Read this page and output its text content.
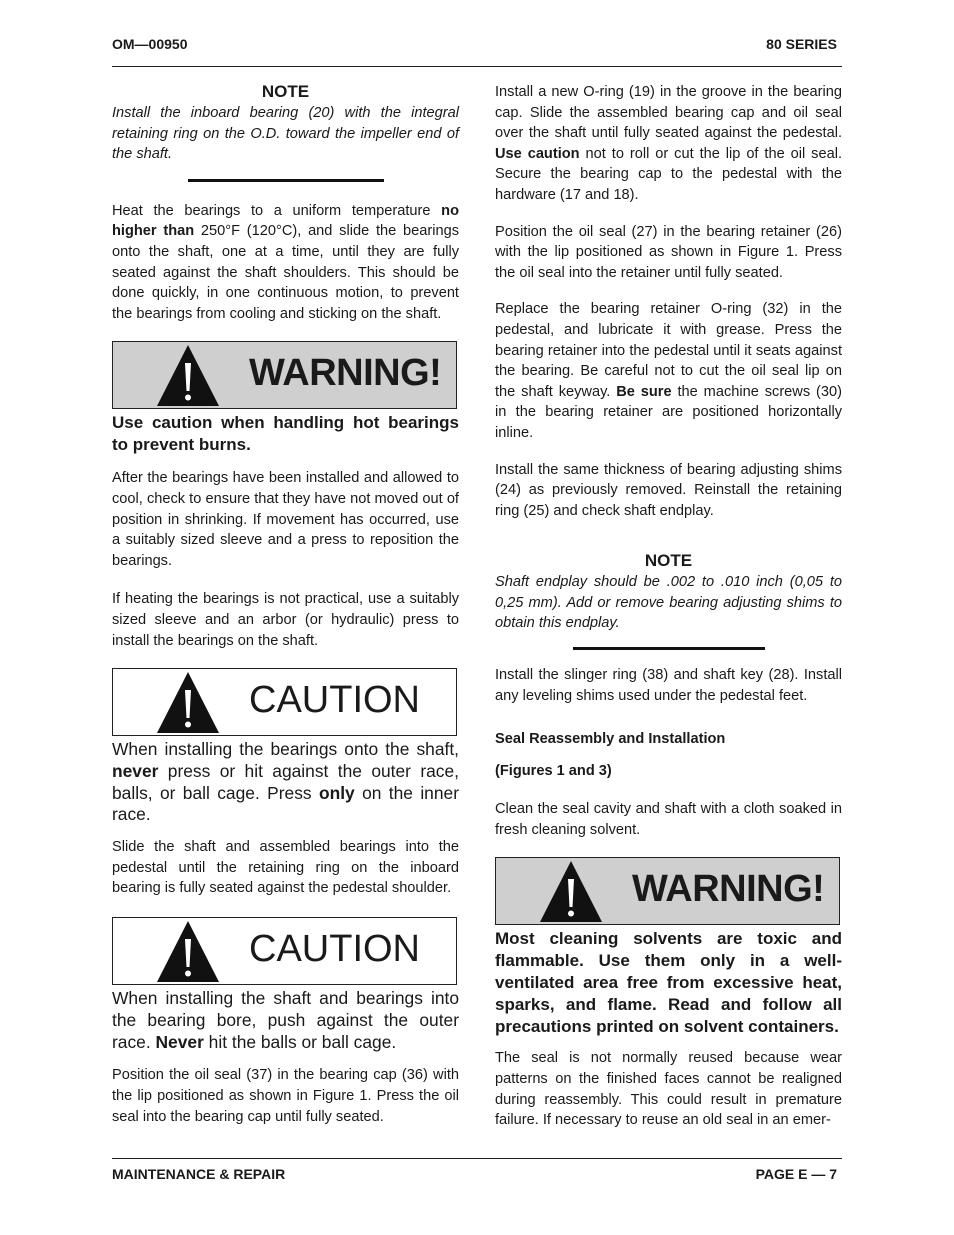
OM—00950	80 SERIES
NOTE

Install the inboard bearing (20) with the integral retaining ring on the O.D. toward the impeller end of the shaft.

Heat the bearings to a uniform temperature no higher than 250°F (120°C), and slide the bearings onto the shaft, one at a time, until they are fully seated against the shaft shoulders. This should be done quickly, in one continuous motion, to prevent the bearings from cooling and sticking on the shaft.

WARNING!

Use caution when handling hot bearings to prevent burns.

After the bearings have been installed and allowed to cool, check to ensure that they have not moved out of position in shrinking. If movement has occurred, use a suitably sized sleeve and a press to reposition the bearings.

If heating the bearings is not practical, use a suitably sized sleeve and an arbor (or hydraulic) press to install the bearings on the shaft.

CAUTION

When installing the bearings onto the shaft, never press or hit against the outer race, balls, or ball cage. Press only on the inner race.

Slide the shaft and assembled bearings into the pedestal until the retaining ring on the inboard bearing is fully seated against the pedestal shoulder.

CAUTION

When installing the shaft and bearings into the bearing bore, push against the outer race. Never hit the balls or ball cage.

Position the oil seal (37) in the bearing cap (36) with the lip positioned as shown in Figure 1. Press the oil seal into the bearing cap until fully seated.

Install a new O-ring (19) in the groove in the bearing cap. Slide the assembled bearing cap and oil seal over the shaft until fully seated against the pedestal. Use caution not to roll or cut the lip of the oil seal. Secure the bearing cap to the pedestal with the hardware (17 and 18).

Position the oil seal (27) in the bearing retainer (26) with the lip positioned as shown in Figure 1. Press the oil seal into the retainer until fully seated.

Replace the bearing retainer O-ring (32) in the pedestal, and lubricate it with grease. Press the bearing retainer into the pedestal until it seats against the bearing. Be careful not to cut the oil seal lip on the shaft keyway. Be sure the machine screws (30) in the bearing retainer are positioned horizontally inline.

Install the same thickness of bearing adjusting shims (24) as previously removed. Reinstall the retaining ring (25) and check shaft endplay.

NOTE

Shaft endplay should be .002 to .010 inch (0,05 to 0,25 mm). Add or remove bearing adjusting shims to obtain this endplay.

Install the slinger ring (38) and shaft key (28). Install any leveling shims used under the pedestal feet.

Seal Reassembly and Installation

(Figures 1 and 3)

Clean the seal cavity and shaft with a cloth soaked in fresh cleaning solvent.

WARNING!

Most cleaning solvents are toxic and flammable. Use them only in a well-ventilated area free from excessive heat, sparks, and flame. Read and follow all precautions printed on solvent containers.

The seal is not normally reused because wear patterns on the finished faces cannot be realigned during reassembly. This could result in premature failure. If necessary to reuse an old seal in an emer-

MAINTENANCE & REPAIR	PAGE E — 7
